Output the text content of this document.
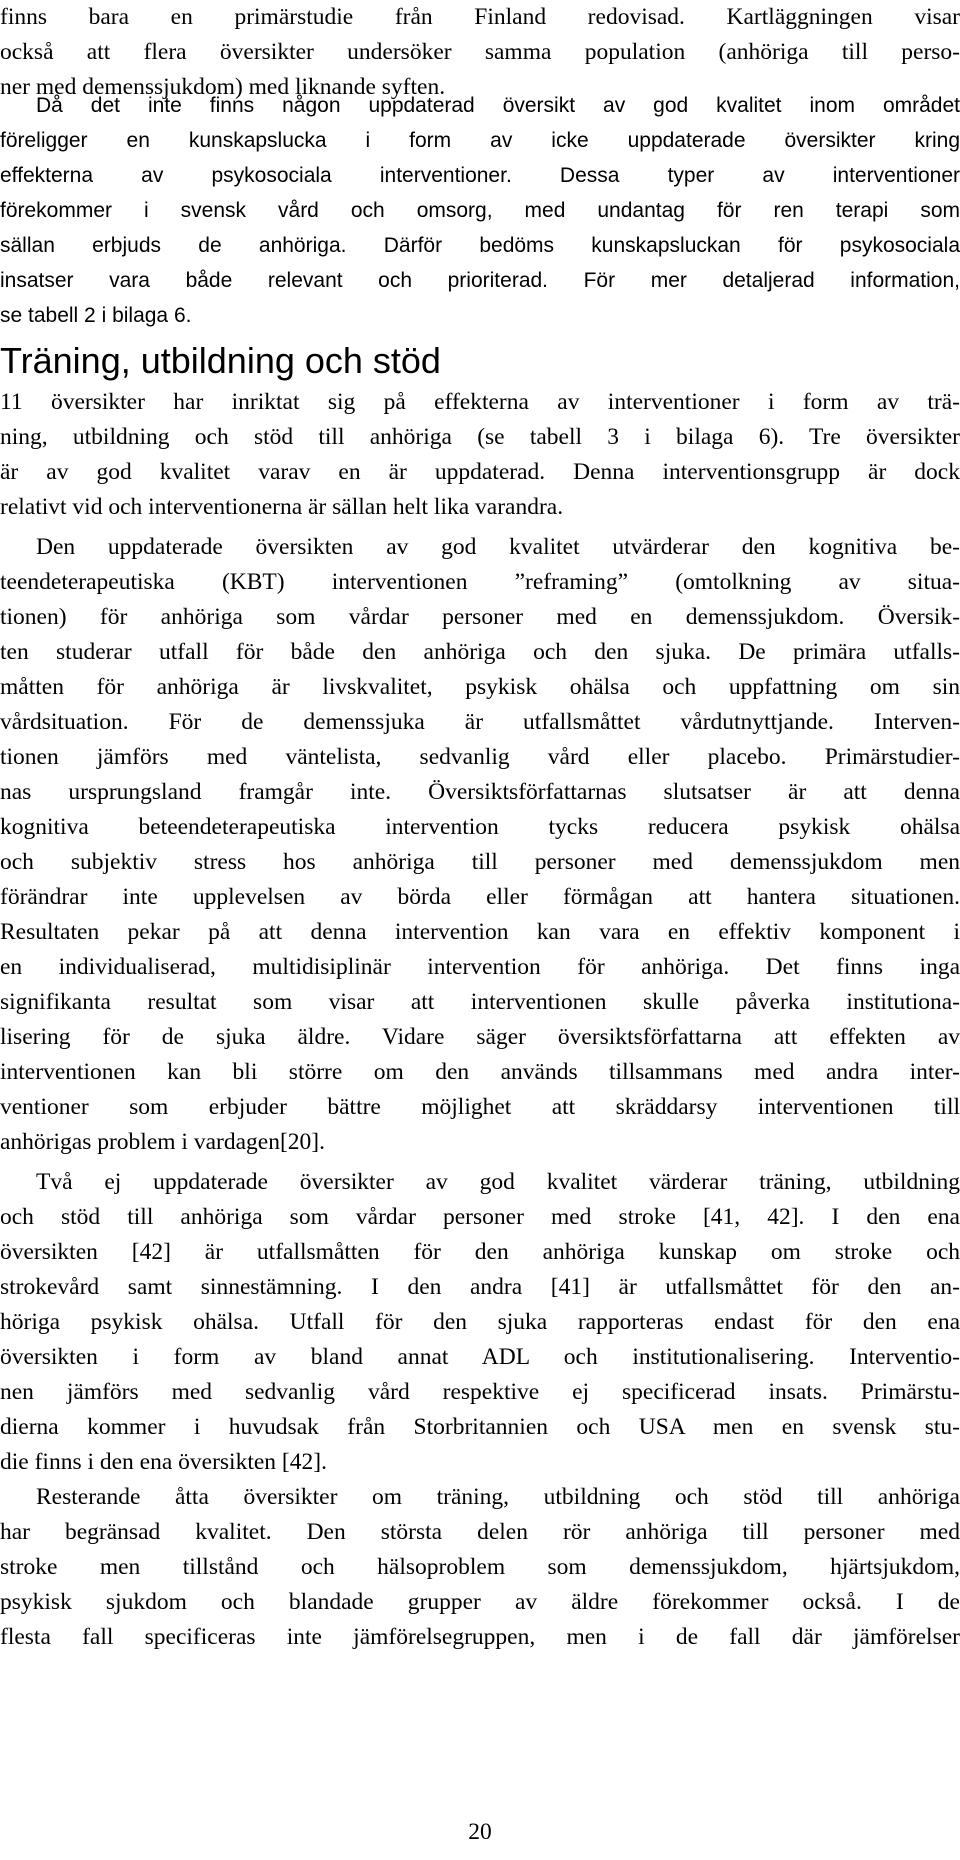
finns bara en primärstudie från Finland redovisad. Kartläggningen visar
också att flera översikter undersöker samma population (anhöriga till perso-
ner med demenssjukdom) med liknande syften.
Då det inte finns någon uppdaterad översikt av god kvalitet inom området
föreligger en kunskapslucka i form av icke uppdaterade översikter kring
effekterna av psykosociala interventioner. Dessa typer av interventioner
förekommer i svensk vård och omsorg, med undantag för ren terapi som
sällan erbjuds de anhöriga. Därför bedöms kunskapsluckan för psykosociala
insatser vara både relevant och prioriterad. För mer detaljerad information,
se tabell 2 i bilaga 6.
Träning, utbildning och stöd
11 översikter har inriktat sig på effekterna av interventioner i form av trä-
ning, utbildning och stöd till anhöriga (se tabell 3 i bilaga 6). Tre översikter
är av god kvalitet varav en är uppdaterad. Denna interventionsgrupp är dock
relativt vid och interventionerna är sällan helt lika varandra.
Den uppdaterade översikten av god kvalitet utvärderar den kognitiva be-
teendeterapeutiska (KBT) interventionen ”reframing” (omtolkning av situa-
tionen) för anhöriga som vårdar personer med en demenssjukdom. Översik-
ten studerar utfall för både den anhöriga och den sjuka. De primära utfalls-
måtten för anhöriga är livskvalitet, psykisk ohälsa och uppfattning om sin
vårdsituation. För de demenssjuka är utfallsmåttet vårdutnyttjande. Interven-
tionen jämförs med väntelista, sedvanlig vård eller placebo. Primärstudier-
nas ursprungsland framgår inte. Översiktsförfattarnas slutsatser är att denna
kognitiva beteendeterapeutiska intervention tycks reducera psykisk ohälsa
och subjektiv stress hos anhöriga till personer med demenssjukdom men
förändrar inte upplevelsen av börda eller förmågan att hantera situationen.
Resultaten pekar på att denna intervention kan vara en effektiv komponent i
en individualiserad, multidisiplinär intervention för anhöriga. Det finns inga
signifikanta resultat som visar att interventionen skulle påverka institutiona-
lisering för de sjuka äldre. Vidare säger översiktsförfattarna att effekten av
interventionen kan bli större om den används tillsammans med andra inter-
ventioner som erbjuder bättre möjlighet att skräddarsy interventionen till
anhörigas problem i vardagen[20].
Två ej uppdaterade översikter av god kvalitet värderar träning, utbildning
och stöd till anhöriga som vårdar personer med stroke [41, 42]. I den ena
översikten [42] är utfallsmåtten för den anhöriga kunskap om stroke och
strokevård samt sinnestämning. I den andra [41] är utfallsmåttet för den an-
höriga psykisk ohälsa. Utfall för den sjuka rapporteras endast för den ena
översikten i form av bland annat ADL och institutionalisering. Interventio-
nen jämförs med sedvanlig vård respektive ej specificerad insats. Primärstu-
dierna kommer i huvudsak från Storbritannien och USA men en svensk stu-
die finns i den ena översikten [42].
Resterande åtta översikter om träning, utbildning och stöd till anhöriga
har begränsad kvalitet. Den största delen rör anhöriga till personer med
stroke men tillstånd och hälsoproblem som demenssjukdom, hjärtsjukdom,
psykisk sjukdom och blandade grupper av äldre förekommer också. I de
flesta fall specificeras inte jämförelsegruppen, men i de fall där jämförelser
20
